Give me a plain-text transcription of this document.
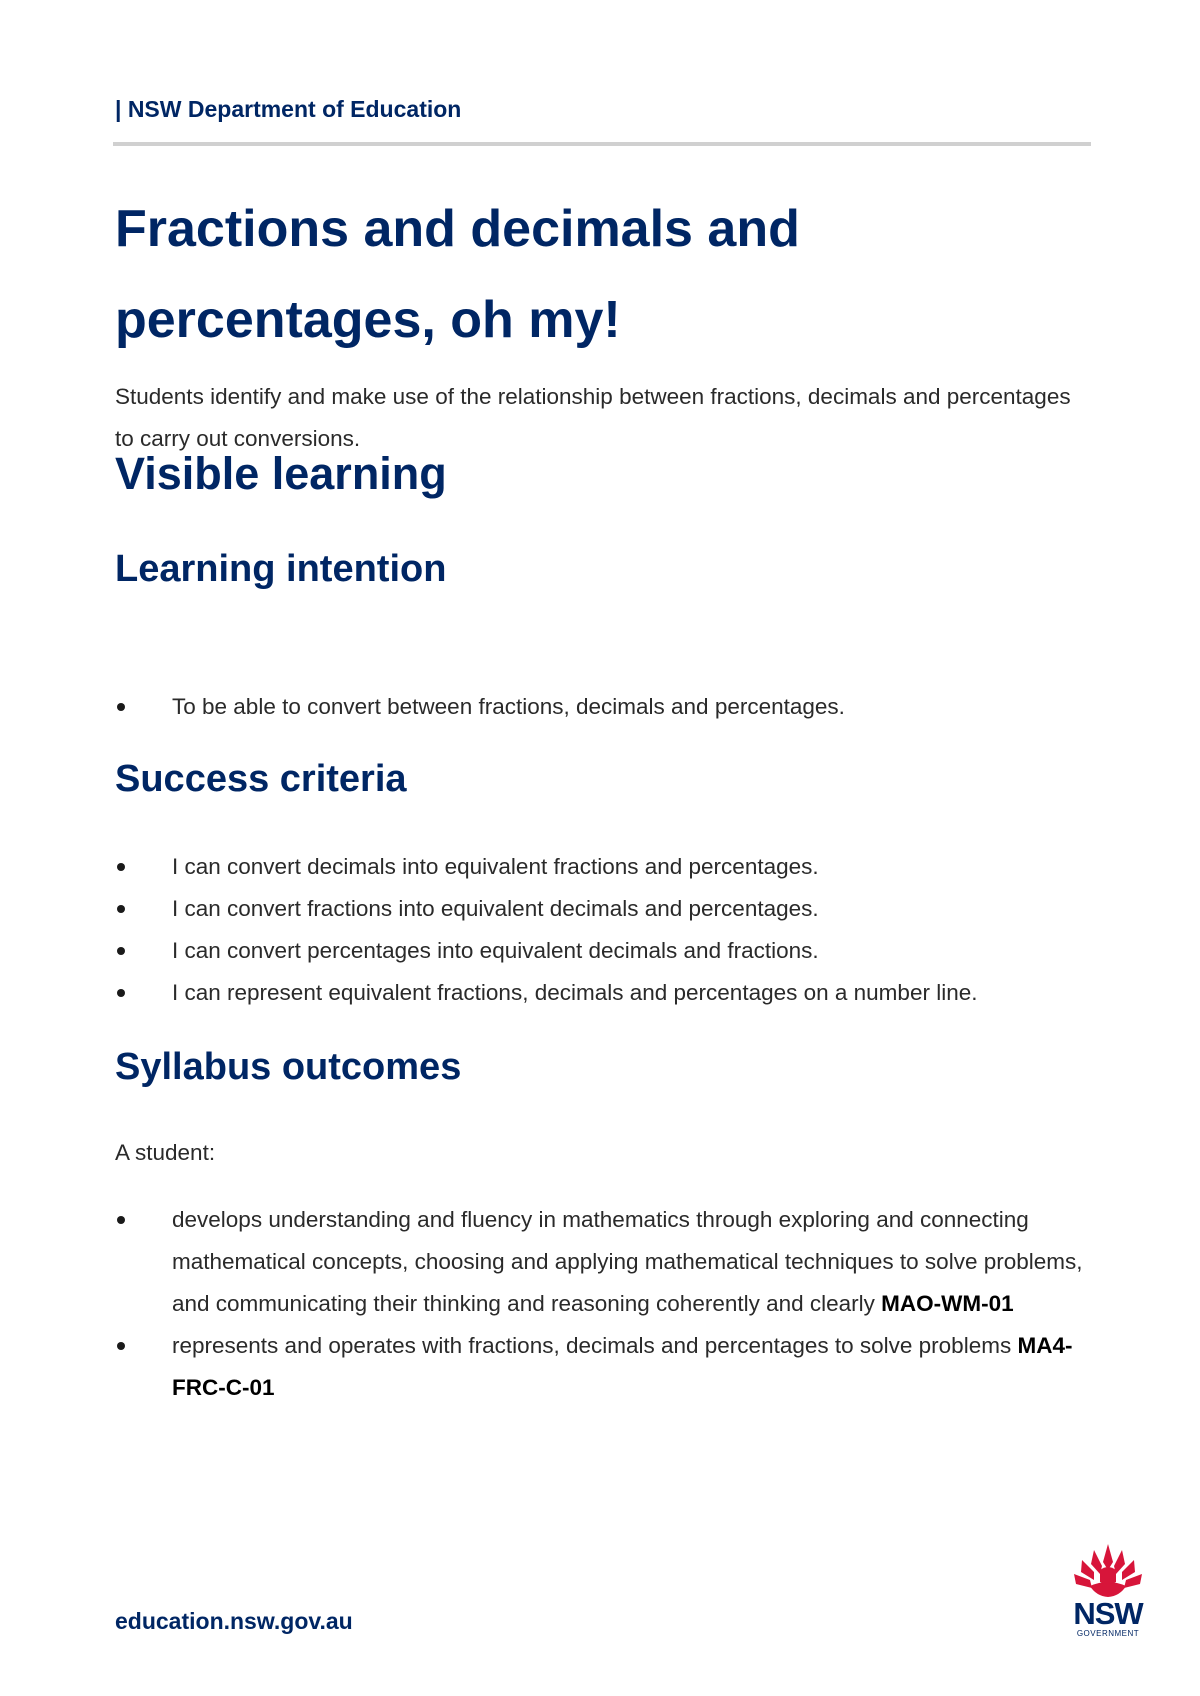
| NSW Department of Education
Fractions and decimals and percentages, oh my!

Students identify and make use of the relationship between fractions, decimals and percentages to carry out conversions.

Visible learning
Learning intention
To be able to convert between fractions, decimals and percentages.
Success criteria
I can convert decimals into equivalent fractions and percentages.
I can convert fractions into equivalent decimals and percentages.
I can convert percentages into equivalent decimals and fractions.
I can represent equivalent fractions, decimals and percentages on a number line.
Syllabus outcomes

A student:

develops understanding and fluency in mathematics through exploring and connecting mathematical concepts, choosing and applying mathematical techniques to solve problems, and communicating their thinking and reasoning coherently and clearly MAO-WM-01
represents and operates with fractions, decimals and percentages to solve problems MA4-FRC-C-01
education.nsw.gov.au	NSW
GOVERNMENT
